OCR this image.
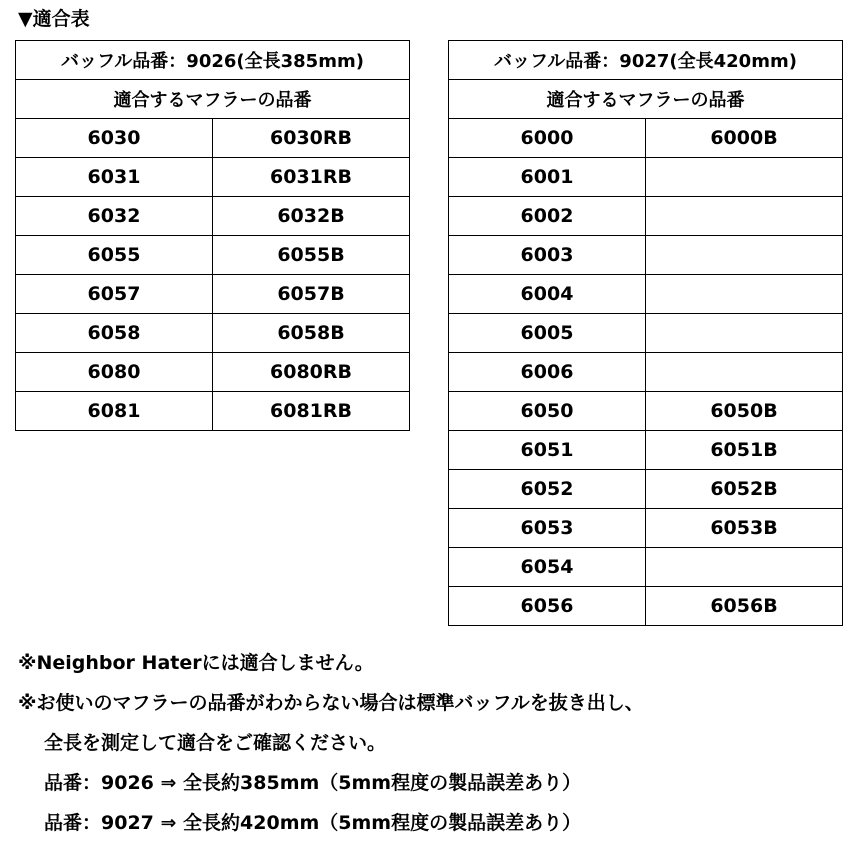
▼適合表
バッフル品番：9026(全長385mm)	
適合するマフラーの品番	
6030	6030RB
6031	6031RB
6032	6032B
6055	6055B
6057	6057B
6058	6058B
6080	6080RB
6081	6081RB
バッフル品番：9027(全長420mm)	
適合するマフラーの品番	
6000	6000B
6001	
6002	
6003	
6004	
6005	
6006	
6050	6050B
6051	6051B
6052	6052B
6053	6053B
6054	
6056	6056B
※Neighbor Haterには適合しません。
※お使いのマフラーの品番がわからない場合は標準バッフルを抜き出し、
全長を測定して適合をご確認ください。
品番：9026 ⇒ 全長約385mm（5mm程度の製品誤差あり）
品番：9027 ⇒ 全長約420mm（5mm程度の製品誤差あり）
